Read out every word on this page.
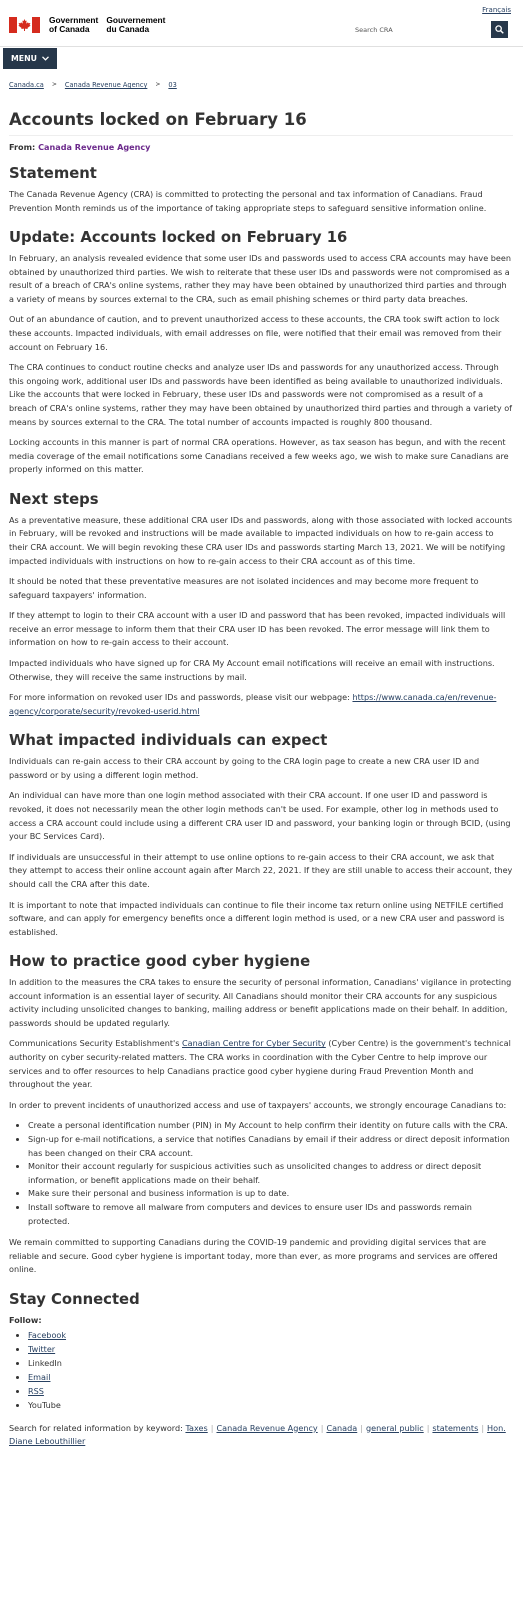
Français
Government
of Canada
Gouvernement
du Canada	Search CRA
MENU
Canada.ca > Canada Revenue Agency > 03
Accounts locked on February 16
From: Canada Revenue Agency
Statement

The Canada Revenue Agency (CRA) is committed to protecting the personal and tax information of Canadians. Fraud Prevention Month reminds us of the importance of taking appropriate steps to safeguard sensitive information online.

Update: Accounts locked on February 16

In February, an analysis revealed evidence that some user IDs and passwords used to access CRA accounts may have been obtained by unauthorized third parties. We wish to reiterate that these user IDs and passwords were not compromised as a result of a breach of CRA's online systems, rather they may have been obtained by unauthorized third parties and through a variety of means by sources external to the CRA, such as email phishing schemes or third party data breaches.

Out of an abundance of caution, and to prevent unauthorized access to these accounts, the CRA took swift action to lock these accounts. Impacted individuals, with email addresses on file, were notified that their email was removed from their account on February 16.

The CRA continues to conduct routine checks and analyze user IDs and passwords for any unauthorized access. Through this ongoing work, additional user IDs and passwords have been identified as being available to unauthorized individuals. Like the accounts that were locked in February, these user IDs and passwords were not compromised as a result of a breach of CRA's online systems, rather they may have been obtained by unauthorized third parties and through a variety of means by sources external to the CRA. The total number of accounts impacted is roughly 800 thousand.

Locking accounts in this manner is part of normal CRA operations. However, as tax season has begun, and with the recent media coverage of the email notifications some Canadians received a few weeks ago, we wish to make sure Canadians are properly informed on this matter.

Next steps

As a preventative measure, these additional CRA user IDs and passwords, along with those associated with locked accounts in February, will be revoked and instructions will be made available to impacted individuals on how to re-gain access to their CRA account. We will begin revoking these CRA user IDs and passwords starting March 13, 2021. We will be notifying impacted individuals with instructions on how to re-gain access to their CRA account as of this time.

It should be noted that these preventative measures are not isolated incidences and may become more frequent to safeguard taxpayers' information.

If they attempt to login to their CRA account with a user ID and password that has been revoked, impacted individuals will receive an error message to inform them that their CRA user ID has been revoked. The error message will link them to information on how to re-gain access to their account.

Impacted individuals who have signed up for CRA My Account email notifications will receive an email with instructions. Otherwise, they will receive the same instructions by mail.

For more information on revoked user IDs and passwords, please visit our webpage: https://www.canada.ca/en/revenue-agency/corporate/security/revoked-userid.html

What impacted individuals can expect

Individuals can re-gain access to their CRA account by going to the CRA login page to create a new CRA user ID and password or by using a different login method.

An individual can have more than one login method associated with their CRA account. If one user ID and password is revoked, it does not necessarily mean the other login methods can't be used. For example, other log in methods used to access a CRA account could include using a different CRA user ID and password, your banking login or through BCID, (using your BC Services Card).

If individuals are unsuccessful in their attempt to use online options to re-gain access to their CRA account, we ask that they attempt to access their online account again after March 22, 2021. If they are still unable to access their account, they should call the CRA after this date.

It is important to note that impacted individuals can continue to file their income tax return online using NETFILE certified software, and can apply for emergency benefits once a different login method is used, or a new CRA user and password is established.

How to practice good cyber hygiene

In addition to the measures the CRA takes to ensure the security of personal information, Canadians' vigilance in protecting account information is an essential layer of security. All Canadians should monitor their CRA accounts for any suspicious activity including unsolicited changes to banking, mailing address or benefit applications made on their behalf. In addition, passwords should be updated regularly.

Communications Security Establishment's Canadian Centre for Cyber Security (Cyber Centre) is the government's technical authority on cyber security-related matters. The CRA works in coordination with the Cyber Centre to help improve our services and to offer resources to help Canadians practice good cyber hygiene during Fraud Prevention Month and throughout the year.

In order to prevent incidents of unauthorized access and use of taxpayers' accounts, we strongly encourage Canadians to:

• Create a personal identification number (PIN) in My Account to help confirm their identity on future calls with the CRA.
• Sign-up for e-mail notifications, a service that notifies Canadians by email if their address or direct deposit information has been changed on their CRA account.
• Monitor their account regularly for suspicious activities such as unsolicited changes to address or direct deposit information, or benefit applications made on their behalf.
• Make sure their personal and business information is up to date.
• Install software to remove all malware from computers and devices to ensure user IDs and passwords remain protected.

We remain committed to supporting Canadians during the COVID-19 pandemic and providing digital services that are reliable and secure. Good cyber hygiene is important today, more than ever, as more programs and services are offered online.

Stay Connected
Follow:
• Facebook
• Twitter
• LinkedIn
• Email
• RSS
• YouTube
Search for related information by keyword: Taxes | Canada Revenue Agency | Canada | general public | statements | Hon. Diane Lebouthillier
